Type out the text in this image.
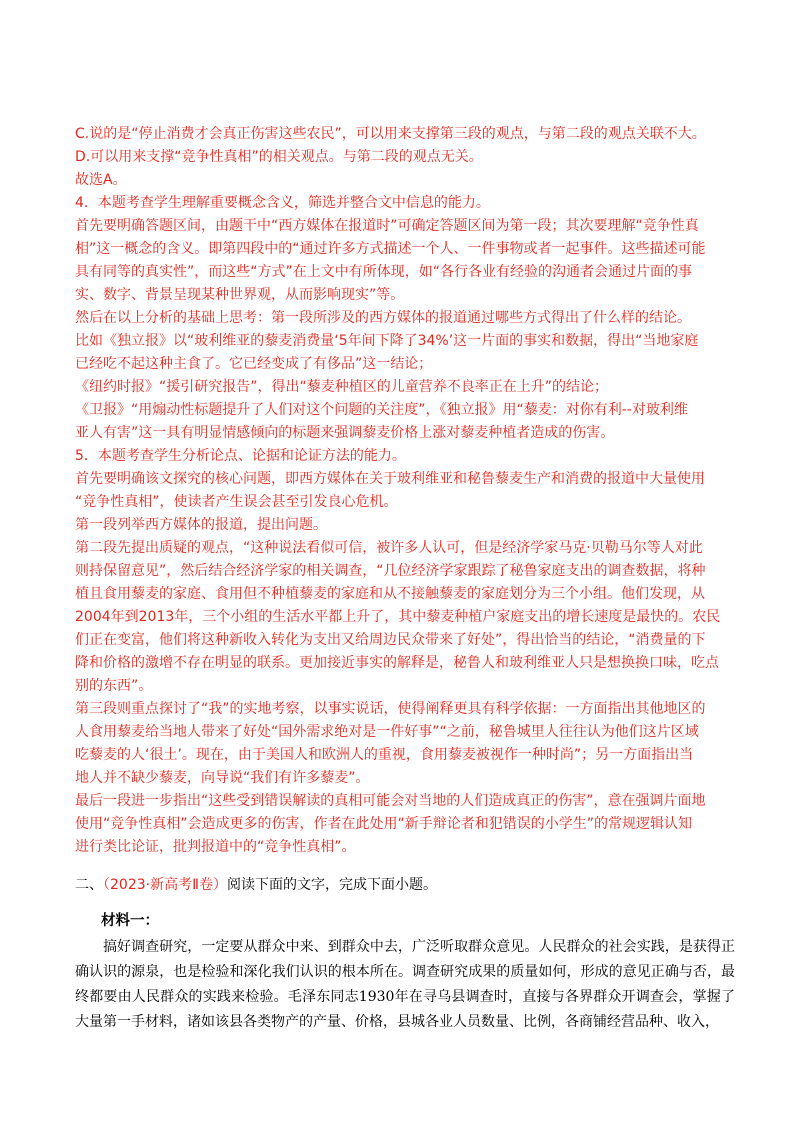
C.说的是“停止消费才会真正伤害这些农民”，可以用来支撑第三段的观点，与第二段的观点关联不大。

D.可以用来支撑“竞争性真相”的相关观点。与第二段的观点无关。

故选A。

4．本题考查学生理解重要概念含义，筛选并整合文中信息的能力。

首先要明确答题区间，由题干中“西方媒体在报道时”可确定答题区间为第一段；其次要理解“竞争性真

相”这一概念的含义。即第四段中的“通过许多方式描述一个人、一件事物或者一起事件。这些描述可能

具有同等的真实性”，而这些“方式”在上文中有所体现，如“各行各业有经验的沟通者会通过片面的事

实、数字、背景呈现某种世界观，从而影响现实”等。

然后在以上分析的基础上思考：第一段所涉及的西方媒体的报道通过哪些方式得出了什么样的结论。

比如《独立报》以“玻利维亚的藜麦消费量‘5年间下降了34%’这一片面的事实和数据，得出“当地家庭

已经吃不起这种主食了。它已经变成了有侈品”这一结论；

《纽约时报》“援引研究报告”，得出“藜麦种植区的儿童营养不良率正在上升”的结论；

《卫报》“用煽动性标题提升了人们对这个问题的关注度”，《独立报》用“藜麦：对你有利--对玻利维

亚人有害”这一具有明显情感倾向的标题来强调藜麦价格上涨对藜麦种植者造成的伤害。

5．本题考查学生分析论点、论据和论证方法的能力。

首先要明确该文探究的核心问题，即西方媒体在关于玻利维亚和秘鲁藜麦生产和消费的报道中大量使用

“竞争性真相”，使读者产生误会甚至引发良心危机。

第一段列举西方媒体的报道，提出问题。

第二段先提出质疑的观点，“这种说法看似可信，被许多人认可，但是经济学家马克·贝勒马尔等人对此

则持保留意见”，然后结合经济学家的相关调查，“几位经济学家跟踪了秘鲁家庭支出的调查数据，将种

植且食用藜麦的家庭、食用但不种植藜麦的家庭和从不接触藜麦的家庭划分为三个小组。他们发现，从

2004年到2013年，三个小组的生活水平都上升了，其中藜麦种植户家庭支出的增长速度是最快的。农民

们正在变富，他们将这种新收入转化为支出又给周边民众带来了好处”，得出恰当的结论，“消费量的下

降和价格的激增不存在明显的联系。更加接近事实的解释是，秘鲁人和玻利维亚人只是想换换口味，吃点

别的东西”。

第三段则重点探讨了“我”的实地考察，以事实说话，使得阐释更具有科学依据：一方面指出其他地区的

人食用藜麦给当地人带来了好处“国外需求绝对是一件好事”“之前，秘鲁城里人往往认为他们这片区域

吃藜麦的人‘很土’。现在，由于美国人和欧洲人的重视，食用藜麦被视作一种时尚”；另一方面指出当

地人并不缺少藜麦，向导说“我们有许多藜麦”。

最后一段进一步指出“这些受到错误解读的真相可能会对当地的人们造成真正的伤害”，意在强调片面地

使用“竞争性真相”会造成更多的伤害，作者在此处用“新手辩论者和犯错误的小学生”的常规逻辑认知

进行类比论证，批判报道中的“竞争性真相”。

二、（2023·新高考Ⅱ卷）阅读下面的文字，完成下面小题。

材料一：

搞好调查研究，一定要从群众中来、到群众中去，广泛听取群众意见。人民群众的社会实践，是获得正确认识的源泉，也是检验和深化我们认识的根本所在。调查研究成果的质量如何，形成的意见正确与否，最终都要由人民群众的实践来检验。毛泽东同志1930年在寻乌县调查时，直接与各界群众开调查会，掌握了大量第一手材料，诸如该县各类物产的产量、价格，县城各业人员数量、比例，各商铺经营品种、收入，
